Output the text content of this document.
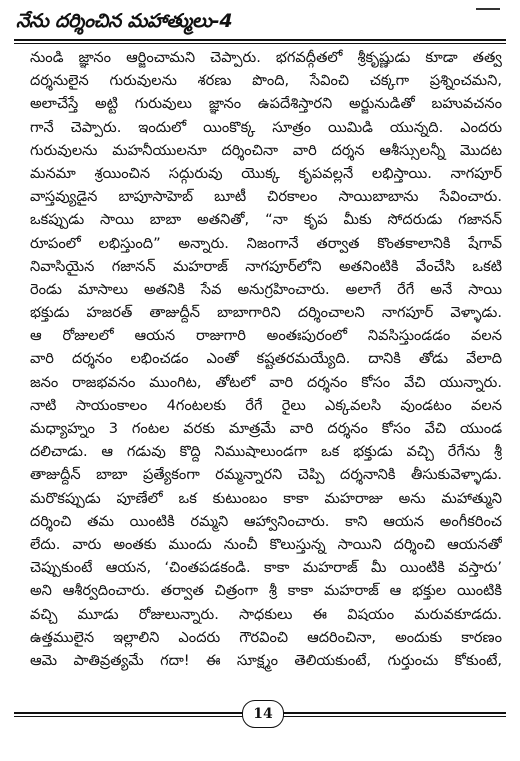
నేను దర్శించిన మహాత్ములు-4
నుండి జ్ఞానం ఆర్జించామని చెప్పారు. భగవద్గీతలో శ్రీకృష్ణుడు కూడా తత్వ
దర్శనులైన గురువులను శరణు పొంది, సేవించి చక్కగా ప్రశ్నించమని,
అలాచేస్తే అట్టి గురువులు జ్ఞానం ఉపదేశిస్తారని అర్జునుడితో బహువచనం
గానే చెప్పారు. ఇందులో యింకొక్క సూత్రం యిమిడి యున్నది. ఎందరు
గురువులను మహనీయులనూ దర్శించినా వారి దర్శన ఆశీస్సులన్నీ మొదట
మనమా శ్రయించిన సద్గురువు యొక్క కృపవల్లనే లభిస్తాయి. నాగపూర్
వాస్తవ్యుడైన బాపూసాహెబ్ బూటీ చిరకాలం సాయిబాబాను సేవించారు.
ఒకప్పుడు సాయి బాబా అతనితో, “నా కృప మీకు సోదరుడు గజానన్
రూపంలో లభిస్తుంది” అన్నారు. నిజంగానే తర్వాత కొంతకాలానికి షేగావ్
నివాసియైన గజానన్ మహరాజ్ నాగపూర్‌లోని అతనింటికి వేంచేసి ఒకటి
రెండు మాసాలు అతనికి సేవ అనుగ్రహించారు. అలాగే రేగే అనే సాయి
భక్తుడు హజరత్ తాజుద్దీన్ బాబాగారిని దర్శించాలని నాగపూర్ వెళ్ళాడు.
ఆ రోజులలో ఆయన రాజుగారి అంతఃపురంలో నివసిస్తుండడం వలన
వారి దర్శనం లభించడం ఎంతో కష్టతరమయ్యేది. దానికి తోడు వేలాది
జనం రాజభవనం ముంగిట, తోటలో వారి దర్శనం కోసం వేచి యున్నారు.
నాటి సాయంకాలం 4గంటలకు రేగే రైలు ఎక్కవలసి వుండటం వలన
మధ్యాహ్నం 3 గంటల వరకు మాత్రమే వారి దర్శనం కోసం వేచి యుండ
దలిచాడు. ఆ గడువు కొద్ది నిముషాలుండగా ఒక భక్తుడు వచ్చి రేగేను శ్రీ
తాజుద్దీన్ బాబా ప్రత్యేకంగా రమ్మన్నారని చెప్పి దర్శనానికి తీసుకువెళ్ళాడు.
మరొకప్పుడు పూణేలో ఒక కుటుంబం కాకా మహరాజు అను మహాత్ముని
దర్శించి తమ యింటికి రమ్మని ఆహ్వానించారు. కాని ఆయన అంగీకరించ
లేదు. వారు అంతకు ముందు నుంచీ కొలుస్తున్న సాయిని దర్శించి ఆయనతో
చెప్పుకుంటే ఆయన, ‘చింతపడకండి. కాకా మహరాజ్ మీ యింటికి వస్తారు’
అని ఆశీర్వదించారు. తర్వాత చిత్రంగా శ్రీ కాకా మహరాజ్ ఆ భక్తుల యింటికి
వచ్చి మూడు రోజులున్నారు. సాధకులు ఈ విషయం మరువకూడదు.
ఉత్తములైన ఇల్లాలిని ఎందరు గౌరవించి ఆదరించినా, అందుకు కారణం
ఆమె పాతివ్రత్యమే గదా! ఈ సూక్ష్మం తెలియకుంటే, గుర్తుంచు కోకుంటే,
14
